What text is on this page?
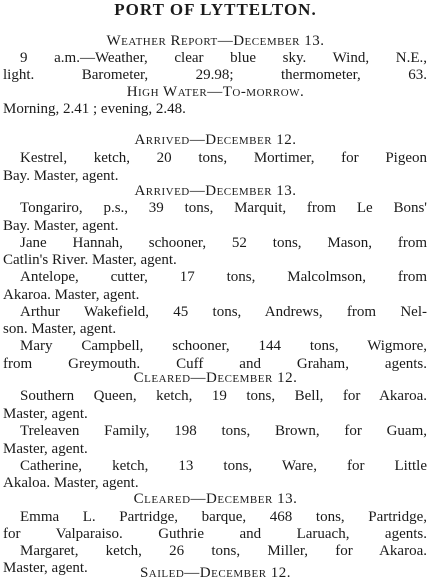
PORT OF LYTTELTON.
Weather Report—December 13.
9 a.m.—Weather, clear blue sky. Wind, N.E.,
light. Barometer, 29.98; thermometer, 63.
High Water—To-morrow.
Morning, 2.41 ; evening, 2.48.
Arrived—December 12.
Kestrel, ketch, 20 tons, Mortimer, for Pigeon
Bay. Master, agent.
Arrived—December 13.
Tongariro, p.s., 39 tons, Marquit, from Le Bons'
Bay. Master, agent.
Jane Hannah, schooner, 52 tons, Mason, from
Catlin's River. Master, agent.
Antelope, cutter, 17 tons, Malcolmson, from
Akaroa. Master, agent.
Arthur Wakefield, 45 tons, Andrews, from Nel-
son. Master, agent.
Mary Campbell, schooner, 144 tons, Wigmore,
from Greymouth. Cuff and Graham, agents.
Cleared—December 12.
Southern Queen, ketch, 19 tons, Bell, for Akaroa.
Master, agent.
Treleaven Family, 198 tons, Brown, for Guam,
Master, agent.
Catherine, ketch, 13 tons, Ware, for Little
Akaloa. Master, agent.
Cleared—December 13.
Emma L. Partridge, barque, 468 tons, Partridge,
for Valparaiso. Guthrie and Laruach, agents.
Margaret, ketch, 26 tons, Miller, for Akaroa.
Master, agent.	Sailed—December 12.
